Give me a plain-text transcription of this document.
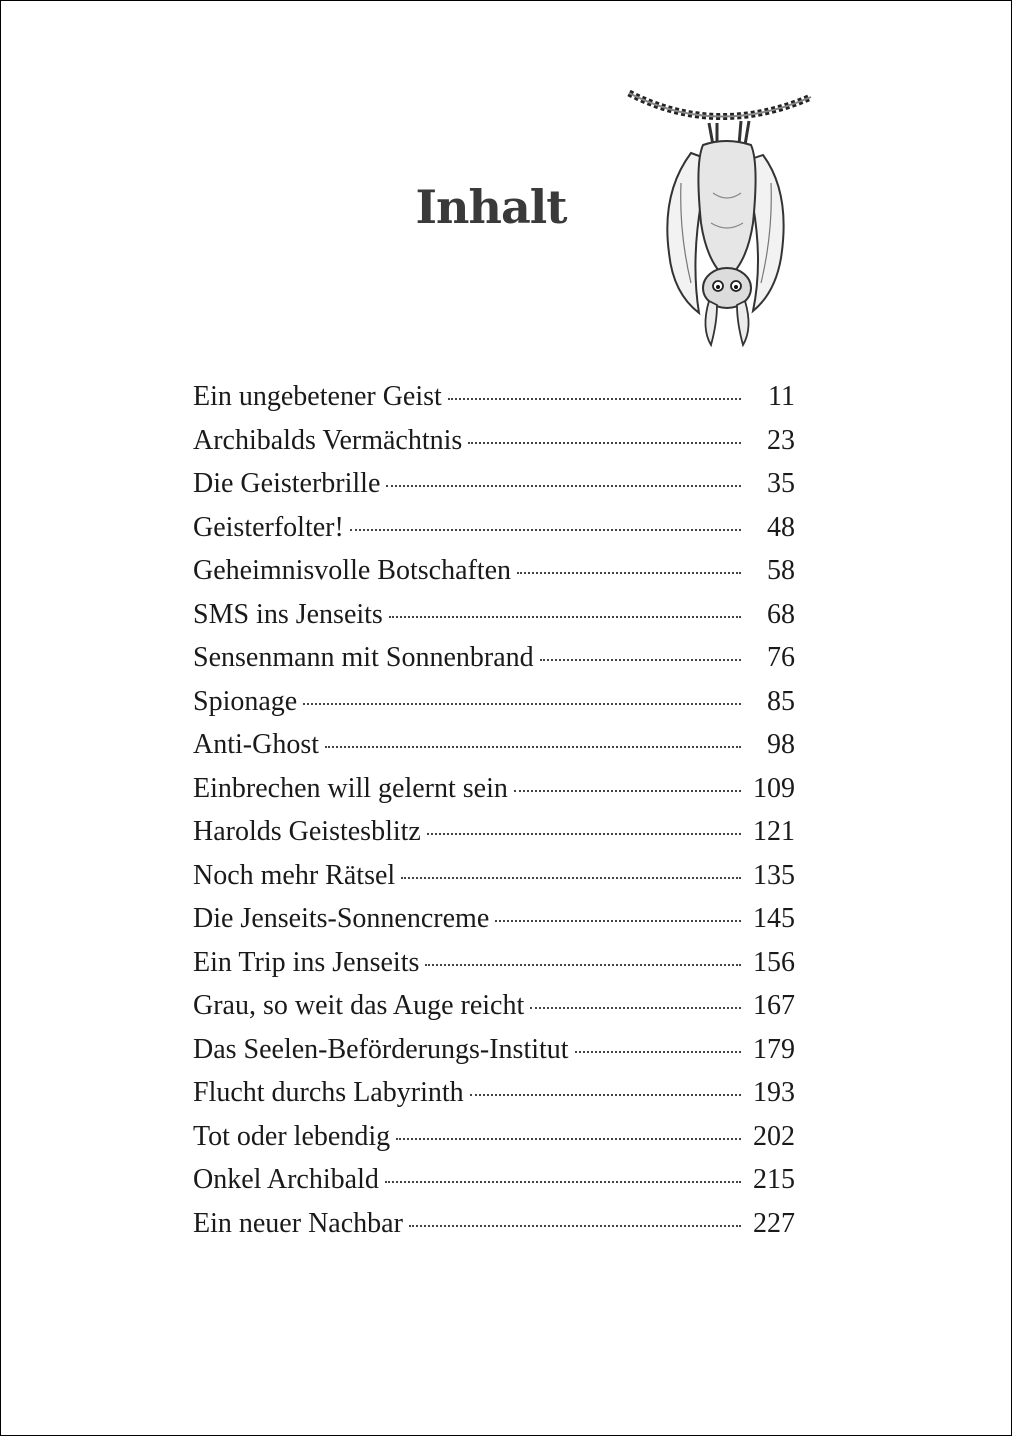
Inhalt
Ein ungebetener Geist	11
Archibalds Vermächtnis	23
Die Geisterbrille	35
Geisterfolter!	48
Geheimnisvolle Botschaften	58
SMS ins Jenseits	68
Sensenmann mit Sonnenbrand	76
Spionage	85
Anti-Ghost	98
Einbrechen will gelernt sein	109
Harolds Geistesblitz	121
Noch mehr Rätsel	135
Die Jenseits-Sonnencreme	145
Ein Trip ins Jenseits	156
Grau, so weit das Auge reicht	167
Das Seelen-Beförderungs-Institut	179
Flucht durchs Labyrinth	193
Tot oder lebendig	202
Onkel Archibald	215
Ein neuer Nachbar	227
